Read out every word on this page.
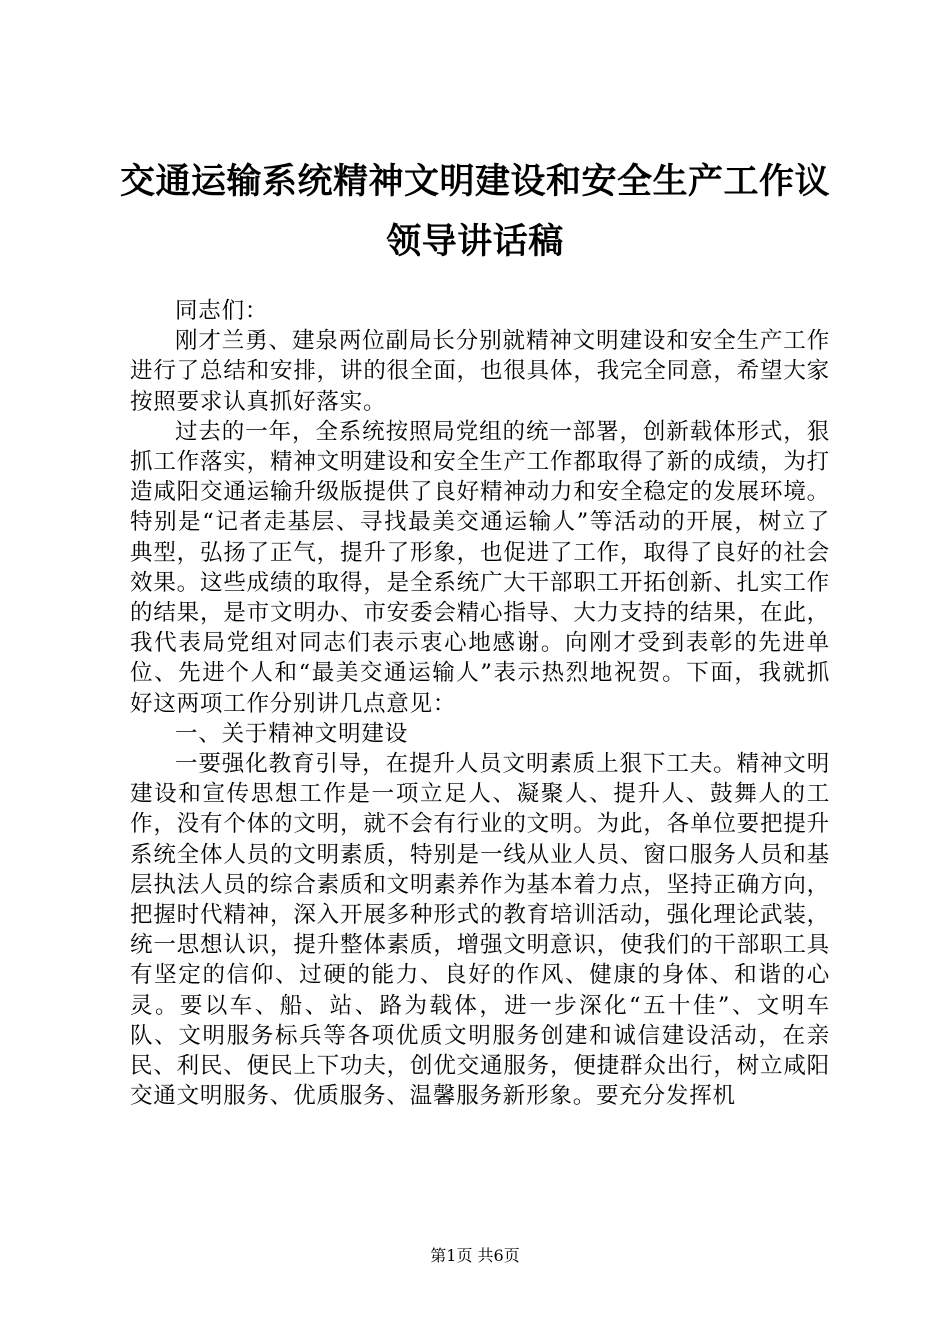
交通运输系统精神文明建设和安全生产工作议
领导讲话稿

同志们：

刚才兰勇、建泉两位副局长分别就精神文明建设和安全生产工作进行了总结和安排，讲的很全面，也很具体，我完全同意，希望大家按照要求认真抓好落实。

过去的一年，全系统按照局党组的统一部署，创新载体形式，狠抓工作落实，精神文明建设和安全生产工作都取得了新的成绩，为打造咸阳交通运输升级版提供了良好精神动力和安全稳定的发展环境。特别是“记者走基层、寻找最美交通运输人”等活动的开展，树立了典型，弘扬了正气，提升了形象，也促进了工作，取得了良好的社会效果。这些成绩的取得，是全系统广大干部职工开拓创新、扎实工作的结果，是市文明办、市安委会精心指导、大力支持的结果，在此，我代表局党组对同志们表示衷心地感谢。向刚才受到表彰的先进单位、先进个人和“最美交通运输人”表示热烈地祝贺。下面，我就抓好这两项工作分别讲几点意见：

一、关于精神文明建设

一要强化教育引导，在提升人员文明素质上狠下工夫。精神文明建设和宣传思想工作是一项立足人、凝聚人、提升人、鼓舞人的工作，没有个体的文明，就不会有行业的文明。为此，各单位要把提升系统全体人员的文明素质，特别是一线从业人员、窗口服务人员和基层执法人员的综合素质和文明素养作为基本着力点，坚持正确方向，把握时代精神，深入开展多种形式的教育培训活动，强化理论武装，统一思想认识，提升整体素质，增强文明意识，使我们的干部职工具有坚定的信仰、过硬的能力、良好的作风、健康的身体、和谐的心灵。要以车、船、站、路为载体，进一步深化“五十佳”、文明车队、文明服务标兵等各项优质文明服务创建和诚信建设活动，在亲民、利民、便民上下功夫，创优交通服务，便捷群众出行，树立咸阳交通文明服务、优质服务、温馨服务新形象。要充分发挥机

第1页 共6页
